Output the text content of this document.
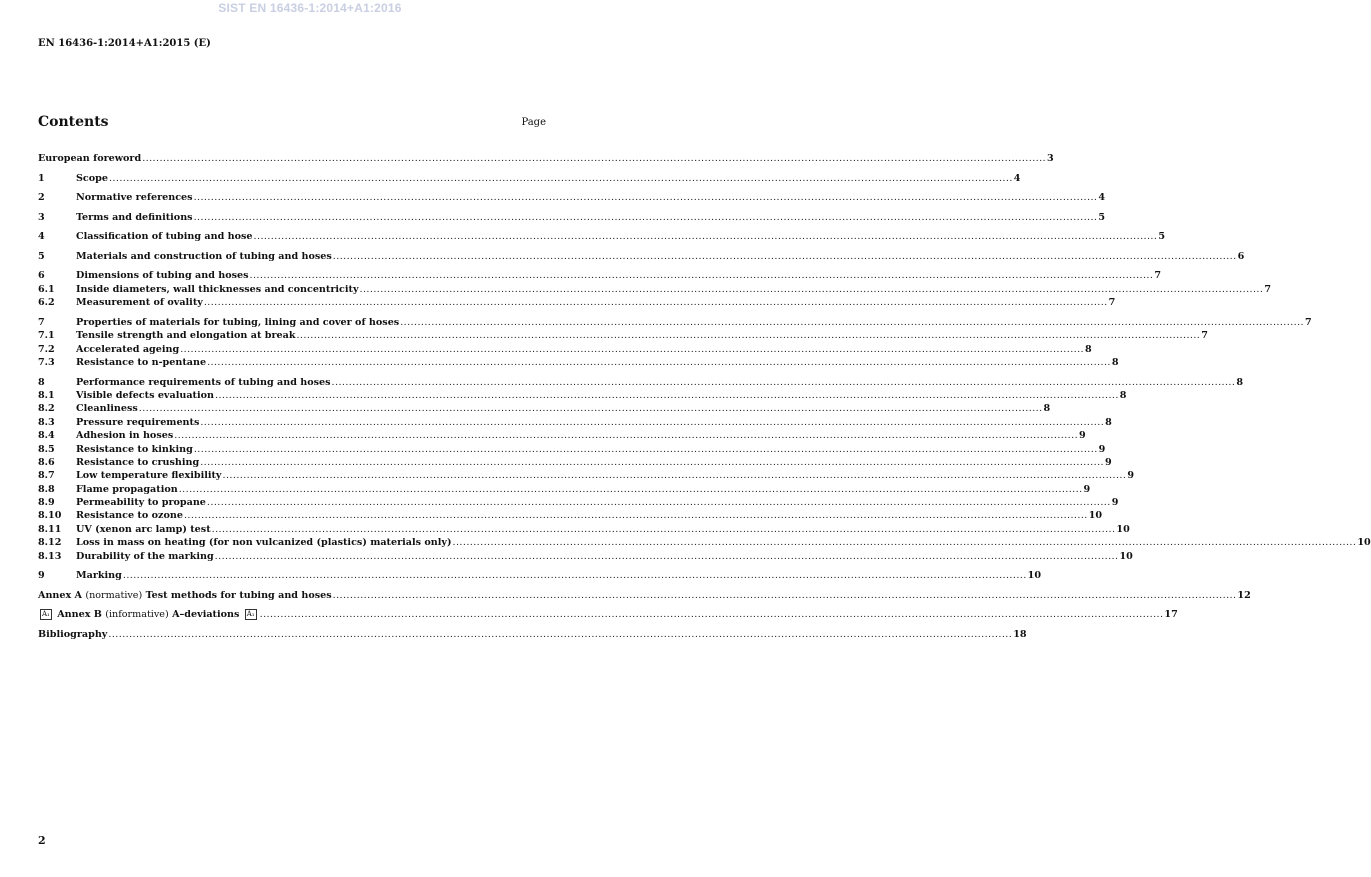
SIST EN 16436-1:2014+A1:2016
EN 16436-1:2014+A1:2015 (E)
Contents	Page
European foreword .....	3
1	Scope .....	4
2	Normative references .....	4
3	Terms and definitions .....	5
4	Classification of tubing and hose .....	5
5	Materials and construction of tubing and hoses .....	6
6	Dimensions of tubing and hoses .....	7
6.1	Inside diameters, wall thicknesses and concentricity .....	7
6.2	Measurement of ovality .....	7
7	Properties of materials for tubing, lining and cover of hoses .....	7
7.1	Tensile strength and elongation at break .....	7
7.2	Accelerated ageing .....	8
7.3	Resistance to n-pentane .....	8
8	Performance requirements of tubing and hoses .....	8
8.1	Visible defects evaluation .....	8
8.2	Cleanliness .....	8
8.3	Pressure requirements .....	8
8.4	Adhesion in hoses .....	9
8.5	Resistance to kinking .....	9
8.6	Resistance to crushing .....	9
8.7	Low temperature flexibility .....	9
8.8	Flame propagation .....	9
8.9	Permeability to propane .....	9
8.10	Resistance to ozone .....	10
8.11	UV (xenon arc lamp) test .....	10
8.12	Loss in mass on heating (for non vulcanized (plastics) materials only) .....	10
8.13	Durability of the marking .....	10
9	Marking .....	10
Annex A (normative) Test methods for tubing and hoses .....	12
A₁ Annex B (informative) A–deviations A₁ .....	17
Bibliography .....	18
2
